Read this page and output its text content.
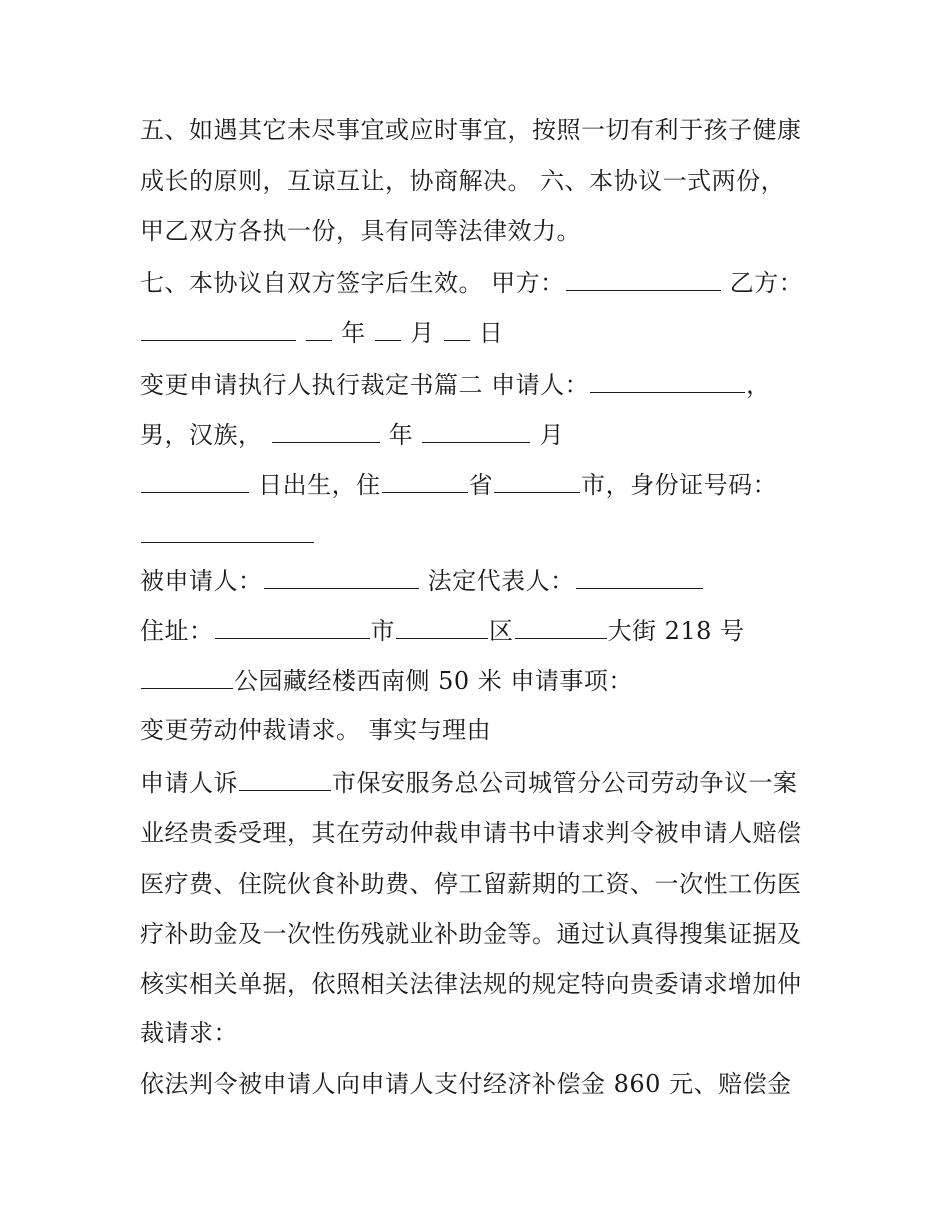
五、如遇其它未尽事宜或应时事宜，按照一切有利于孩子健康
成长的原则，互谅互让，协商解决。 六、本协议一式两份，
甲乙双方各执一份，具有同等法律效力。
七、本协议自双方签字后生效。 甲方：	乙方：
年 月 日
变更申请执行人执行裁定书篇二 申请人：	，
男，汉族，	年	月
日出生，住	省	市，身份证号码：
被申请人：	法定代表人：
住址：	市	区	大街 218 号
公园藏经楼西南侧 50 米 申请事项：
变更劳动仲裁请求。 事实与理由
申请人诉	市保安服务总公司城管分公司劳动争议一案
业经贵委受理，其在劳动仲裁申请书中请求判令被申请人赔偿
医疗费、住院伙食补助费、停工留薪期的工资、一次性工伤医
疗补助金及一次性伤残就业补助金等。通过认真得搜集证据及
核实相关单据，依照相关法律法规的规定特向贵委请求增加仲
裁请求：
依法判令被申请人向申请人支付经济补偿金 860 元、赔偿金
